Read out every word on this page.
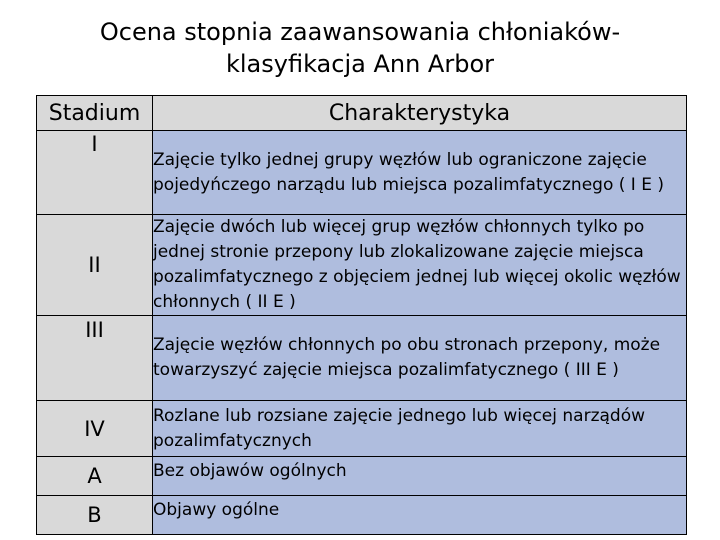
Ocena stopnia zaawansowania chłoniaków-
klasyfikacja Ann Arbor
Stadium	Charakterystyka
I	Zajęcie tylko jednej grupy węzłów lub ograniczone zajęcie pojedyńczego narządu lub miejsca pozalimfatycznego ( I E )
II	Zajęcie dwóch lub więcej grup węzłów chłonnych tylko po jednej stronie przepony lub zlokalizowane zajęcie miejsca pozalimfatycznego z objęciem jednej lub więcej okolic węzłów chłonnych ( II E )
III	Zajęcie węzłów chłonnych po obu stronach przepony, może towarzyszyć zajęcie miejsca pozalimfatycznego ( III E )
IV	Rozlane lub rozsiane zajęcie jednego lub więcej narządów pozalimfatycznych
A	Bez objawów ogólnych
B	Objawy ogólne
